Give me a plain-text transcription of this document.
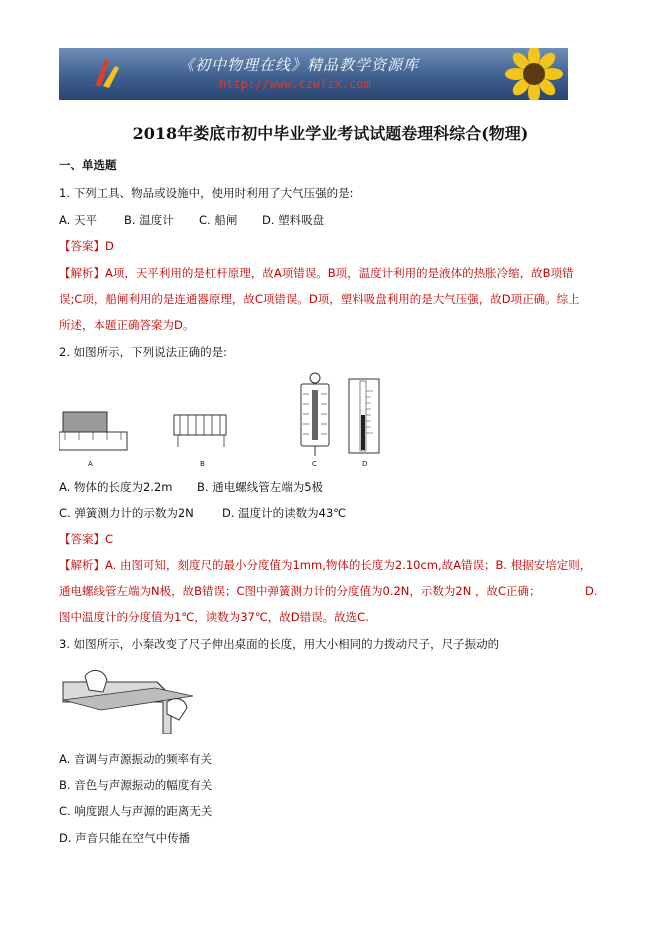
《初中物理在线》精品教学资源库
http://www.czwlzx.com
2018年娄底市初中毕业学业考试试题卷理科综合(物理)
一、单选题
1. 下列工具、物品或设施中，使用时利用了大气压强的是:
A. 天平 B. 温度计 C. 船闸 D. 塑料吸盘
【答案】D
【解析】A项，天平利用的是杠杆原理，故A项错误。B项，温度计利用的是液体的热胀冷缩，故B项错
误;C项，船闸利用的是连通器原理，故C项错误。D项，塑料吸盘利用的是大气压强，故D项正确。综上
所述，本题正确答案为D。
2. 如图所示，下列说法正确的是:
A	B	C	D
A. 物体的长度为2.2m B. 通电螺线管左端为5极
C. 弹簧测力计的示数为2N D. 温度计的读数为43℃
【答案】C
【解析】A. 由图可知，刻度尺的最小分度值为1mm,物体的长度为2.10cm,故A错误；B. 根据安培定则，
通电螺线管左端为N极，故B错误；C图中弹簧测力计的分度值为0.2N，示数为2N ，故C正确；	D.
图中温度计的分度值为1℃，读数为37℃，故D错误。故选C.
3. 如图所示，小秦改变了尺子伸出桌面的长度，用大小相同的力拨动尺子，尺子振动的
A. 音调与声源振动的频率有关
B. 音色与声源振动的幅度有关
C. 响度跟人与声源的距离无关
D. 声音只能在空气中传播
